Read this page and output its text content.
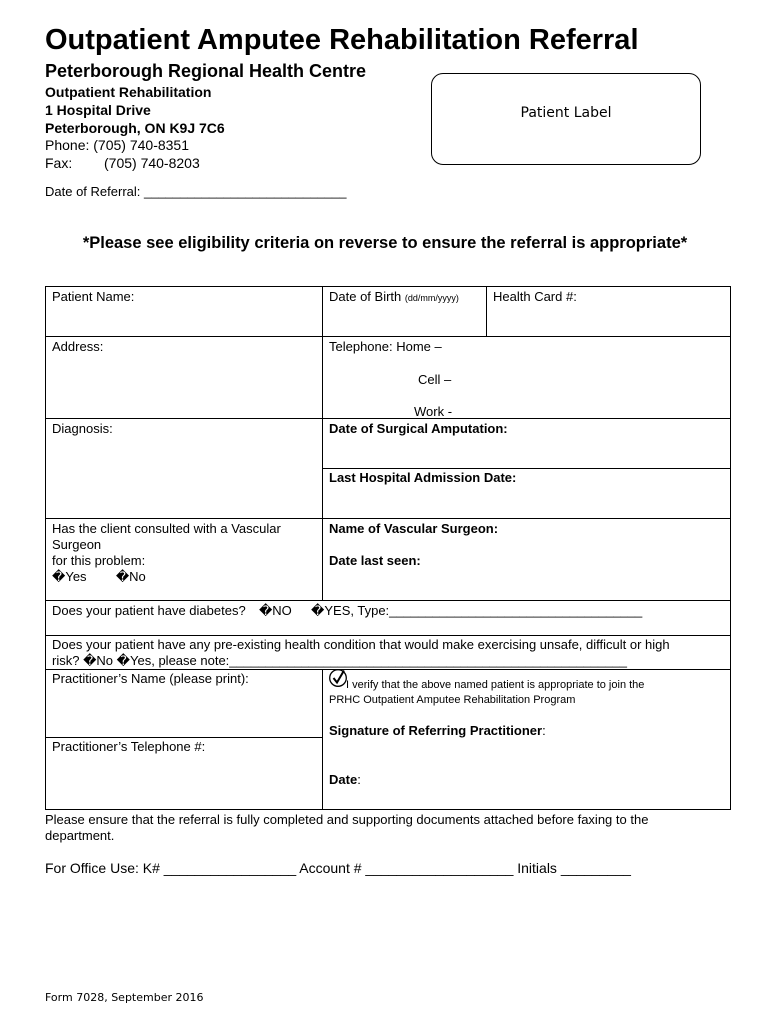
Outpatient Amputee Rehabilitation Referral
Peterborough Regional Health Centre
Outpatient Rehabilitation
1 Hospital Drive
Peterborough, ON K9J 7C6
Phone: (705) 740-8351
Fax: (705) 740-8203
Date of Referral: ____________________________
Patient Label
*Please see eligibility criteria on reverse to ensure the referral is appropriate*
Patient Name:	Date of Birth (dd/mm/yyyy)	Health Card #:
Address:	Telephone: Home –
Cell –
Work -
Diagnosis:	Date of Surgical Amputation:
Last Hospital Admission Date:
Has the client consulted with a Vascular
Surgeon
for this problem:
�Yes �No
Name of Vascular Surgeon:
Date last seen:
Does your patient have diabetes? �NO �YES, Type:___________________________________
Does your patient have any pre-existing health condition that would make exercising unsafe, difficult or high
risk? �No �Yes, please note:_______________________________________________________
Practitioner’s Name (please print):
Practitioner’s Telephone #:
I verify that the above named patient is appropriate to join the
PRHC Outpatient Amputee Rehabilitation Program
Signature of Referring Practitioner:
Date:
Please ensure that the referral is fully completed and supporting documents attached before faxing to the
department.
For Office Use: K# _________________ Account # ___________________ Initials _________
Form 7028, September 2016
